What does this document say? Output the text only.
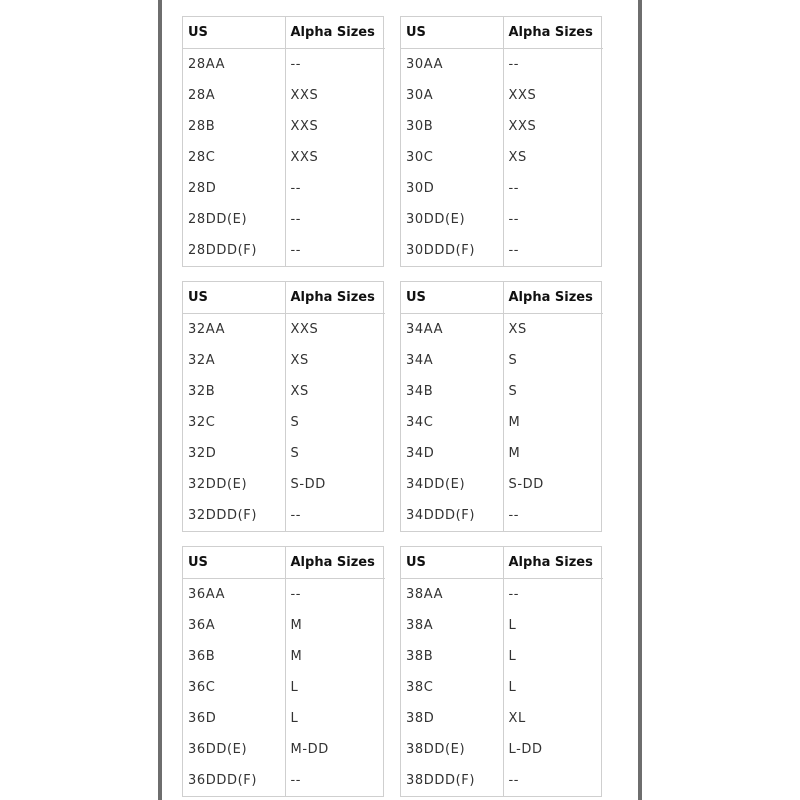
US	Alpha Sizes
28AA	--
28A	XXS
28B	XXS
28C	XXS
28D	--
28DD(E)	--
28DDD(F)	--
US	Alpha Sizes
30AA	--
30A	XXS
30B	XXS
30C	XS
30D	--
30DD(E)	--
30DDD(F)	--
US	Alpha Sizes
32AA	XXS
32A	XS
32B	XS
32C	S
32D	S
32DD(E)	S-DD
32DDD(F)	--
US	Alpha Sizes
34AA	XS
34A	S
34B	S
34C	M
34D	M
34DD(E)	S-DD
34DDD(F)	--
US	Alpha Sizes
36AA	--
36A	M
36B	M
36C	L
36D	L
36DD(E)	M-DD
36DDD(F)	--
US	Alpha Sizes
38AA	--
38A	L
38B	L
38C	L
38D	XL
38DD(E)	L-DD
38DDD(F)	--
